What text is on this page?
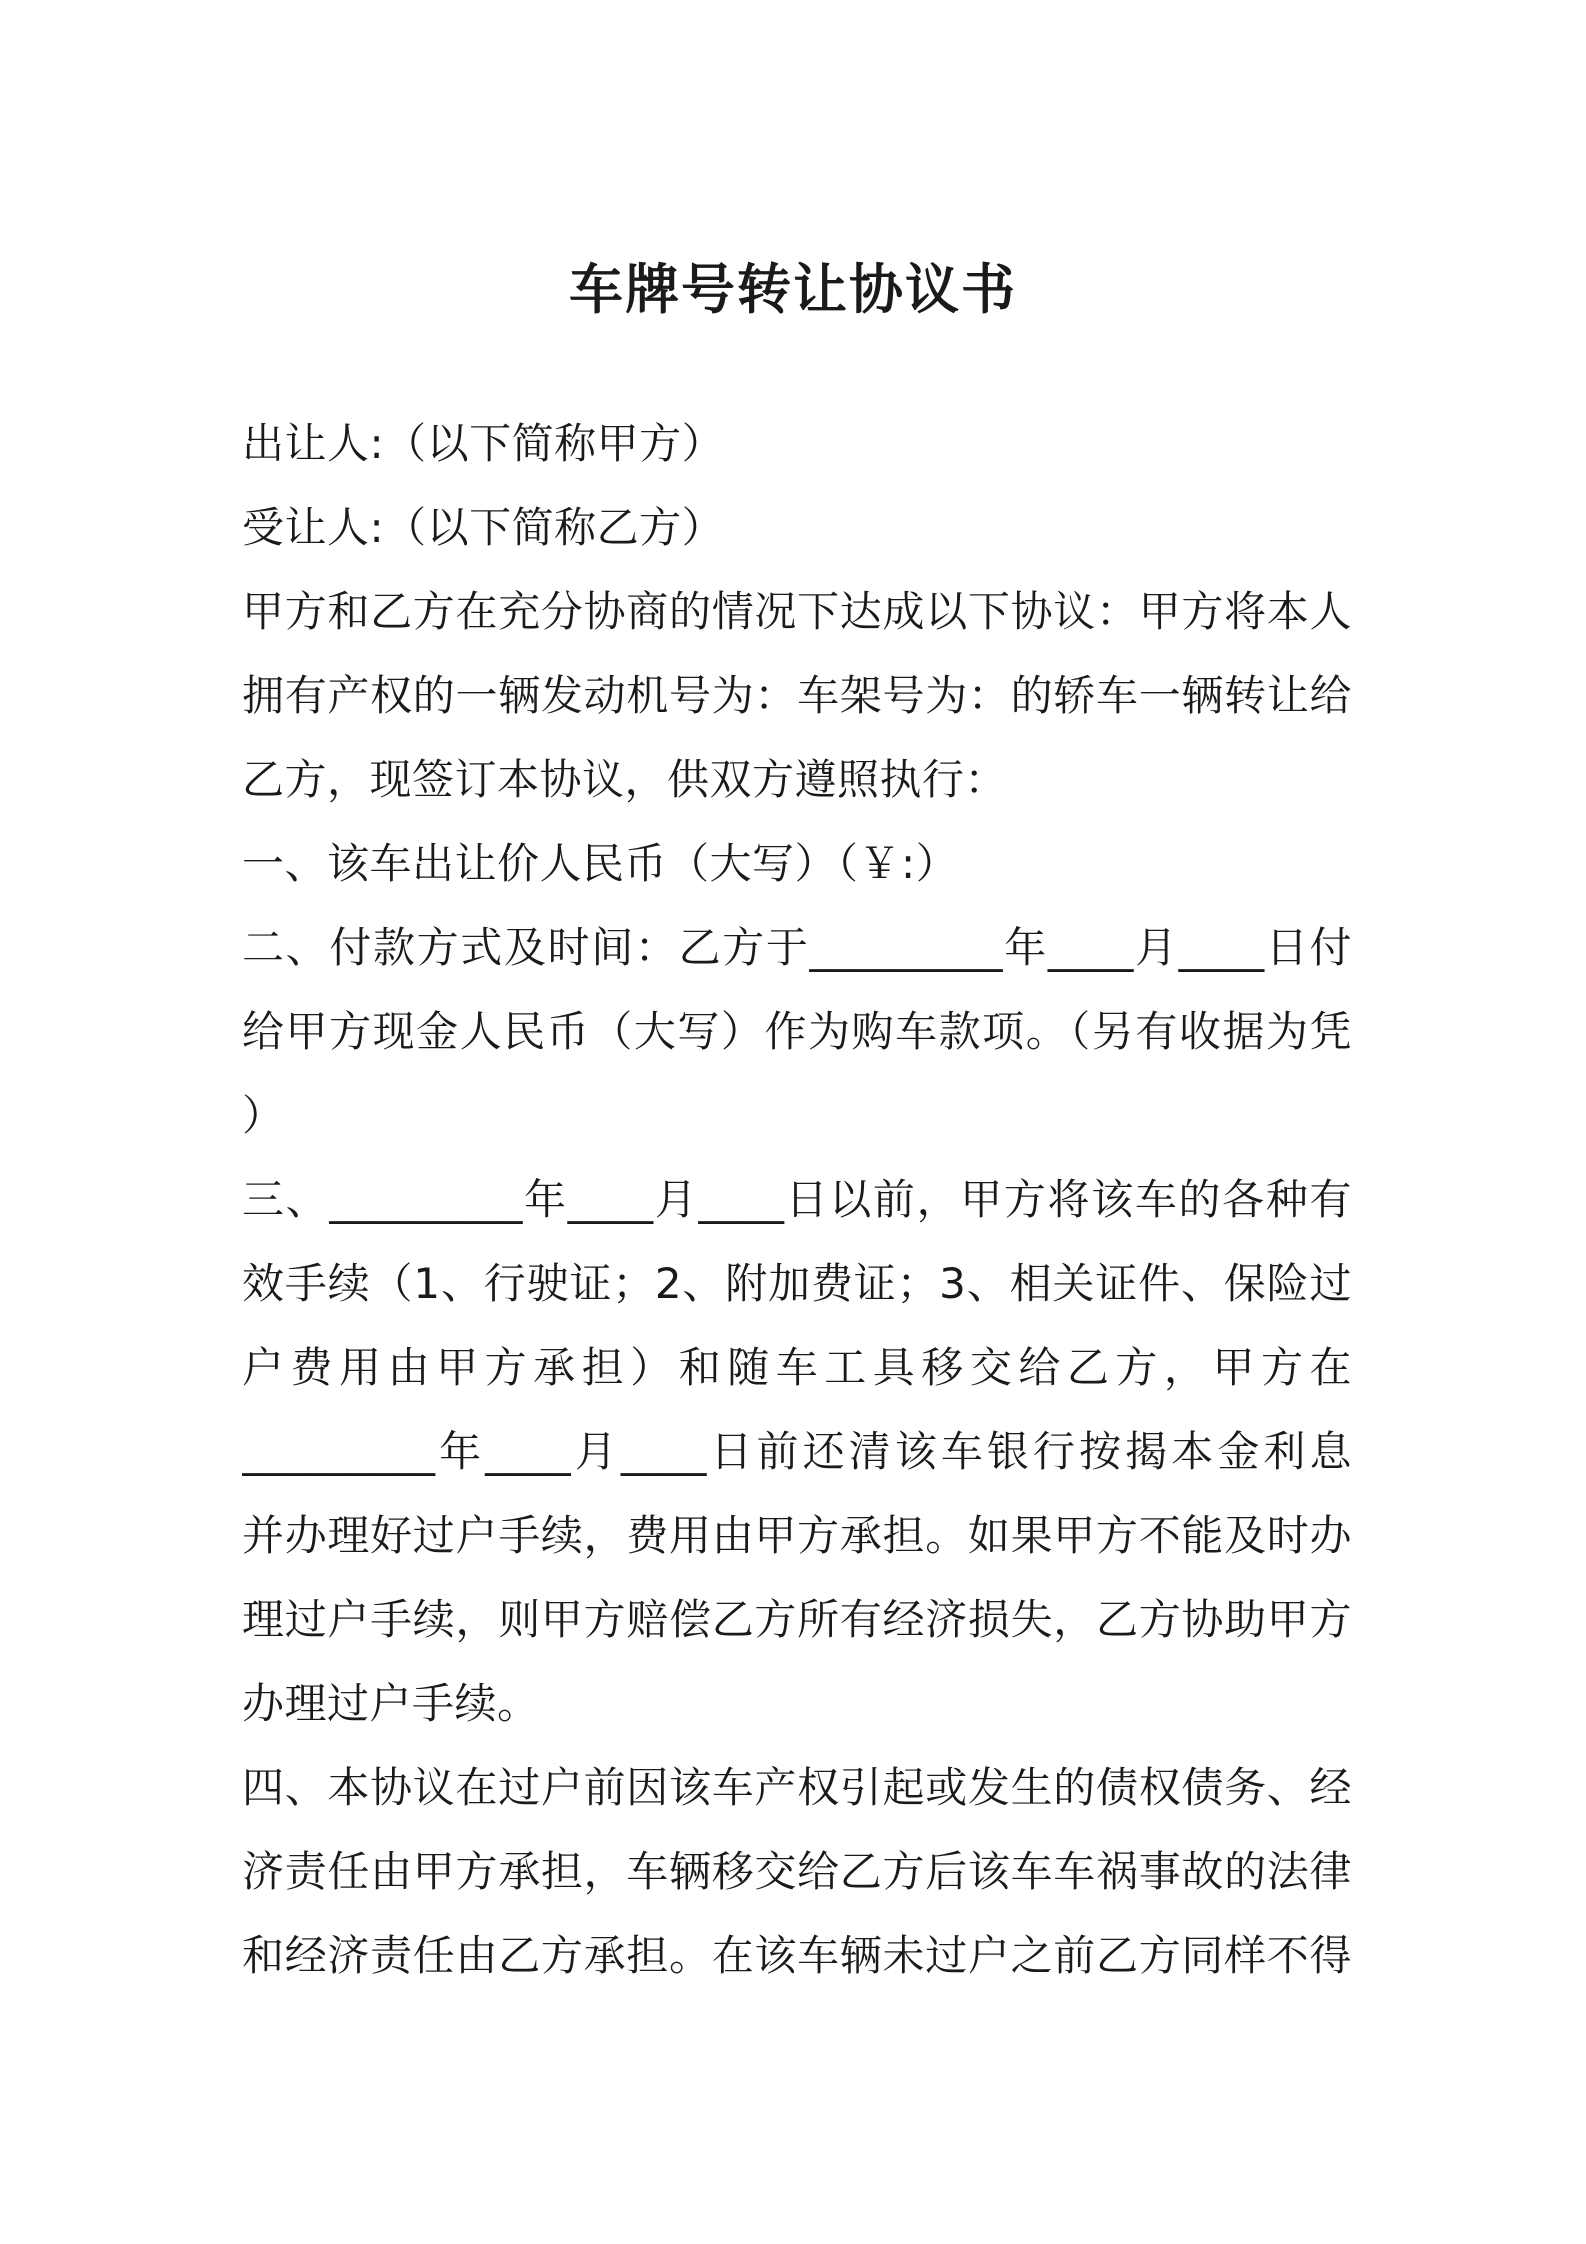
车牌号转让协议书
出让人:（以下简称甲方）
受让人:（以下简称乙方）
甲方和乙方在充分协商的情况下达成以下协议：甲方将本人
拥有产权的一辆发动机号为：车架号为：的轿车一辆转让给
乙方，现签订本协议，供双方遵照执行：
一、该车出让价人民币（大写）（￥:）
二、付款方式及时间：乙方于_________年____月____日付
给甲方现金人民币（大写）作为购车款项。（另有收据为凭
）
三、_________年____月____日以前，甲方将该车的各种有
效手续（1、行驶证；2、附加费证；3、相关证件、保险过
户费用由甲方承担）和随车工具移交给乙方，甲方在
_________年____月____日前还清该车银行按揭本金利息
并办理好过户手续，费用由甲方承担。如果甲方不能及时办
理过户手续，则甲方赔偿乙方所有经济损失，乙方协助甲方
办理过户手续。
四、本协议在过户前因该车产权引起或发生的债权债务、经
济责任由甲方承担，车辆移交给乙方后该车车祸事故的法律
和经济责任由乙方承担。在该车辆未过户之前乙方同样不得
